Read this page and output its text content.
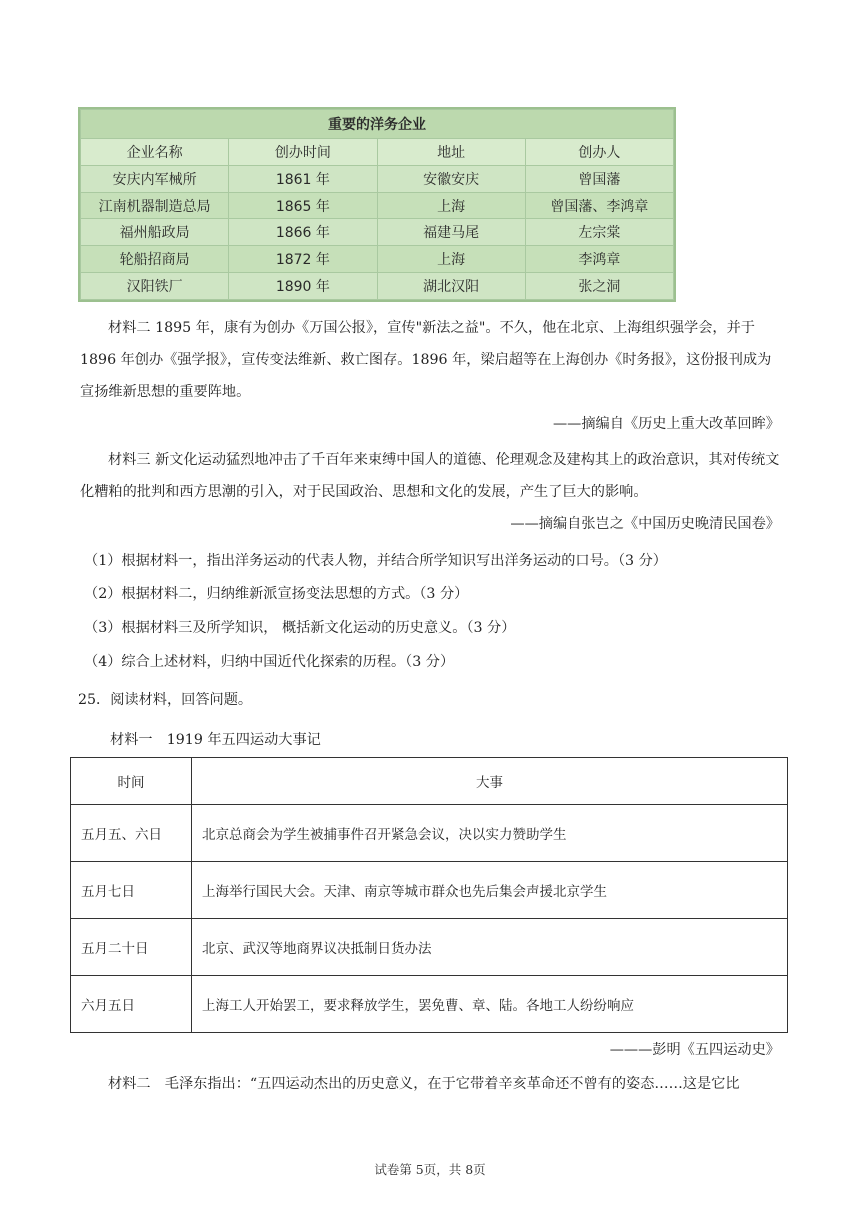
重要的洋务企业			
企业名称	创办时间	地址	创办人
安庆内军械所	1861 年	安徽安庆	曾国藩
江南机器制造总局	1865 年	上海	曾国藩、李鸿章
福州船政局	1866 年	福建马尾	左宗棠
轮船招商局	1872 年	上海	李鸿章
汉阳铁厂	1890 年	湖北汉阳	张之洞
材料二 1895 年，康有为创办《万国公报》，宣传"新法之益"。不久，他在北京、上海组织强学会，并于 1896 年创办《强学报》，宣传变法维新、救亡图存。1896 年，梁启超等在上海创办《时务报》，这份报刊成为宣扬维新思想的重要阵地。
——摘编自《历史上重大改革回眸》
材料三 新文化运动猛烈地冲击了千百年来束缚中国人的道德、伦理观念及建构其上的政治意识，其对传统文化糟粕的批判和西方思潮的引入，对于民国政治、思想和文化的发展，产生了巨大的影响。
——摘编自张岂之《中国历史晚清民国卷》
（1）根据材料一，指出洋务运动的代表人物，并结合所学知识写出洋务运动的口号。（3 分）
（2）根据材料二，归纳维新派宣扬变法思想的方式。（3 分）
（3）根据材料三及所学知识， 概括新文化运动的历史意义。（3 分）
（4）综合上述材料，归纳中国近代化探索的历程。（3 分）
25．阅读材料，回答问题。
材料一　1919 年五四运动大事记
时间	大事
五月五、六日	北京总商会为学生被捕事件召开紧急会议，决以实力赞助学生
五月七日	上海举行国民大会。天津、南京等城市群众也先后集会声援北京学生
五月二十日	北京、武汉等地商界议决抵制日货办法
六月五日	上海工人开始罢工，要求释放学生，罢免曹、章、陆。各地工人纷纷响应
———彭明《五四运动史》
材料二　毛泽东指出：“五四运动杰出的历史意义，在于它带着辛亥革命还不曾有的姿态……这是它比
试卷第 5页，共 8页
